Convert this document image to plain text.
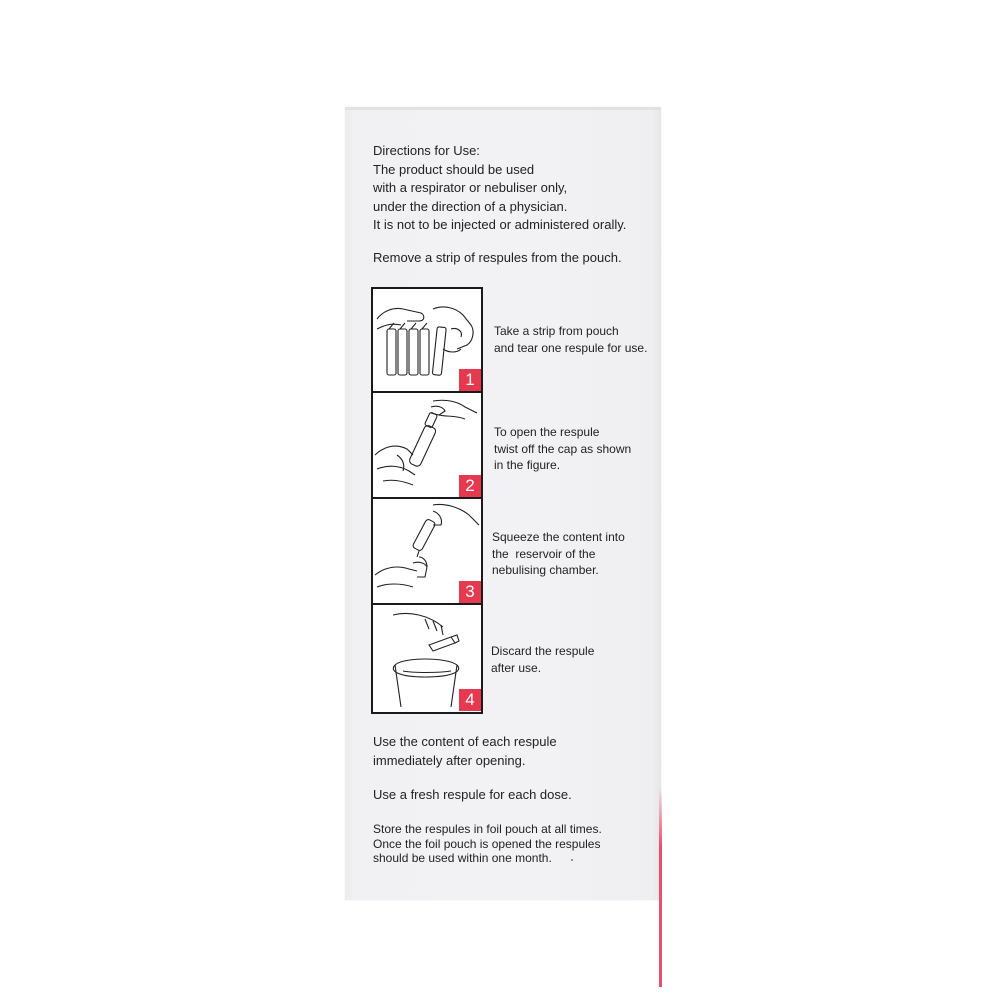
Directions for Use:
The product should be used
with a respirator or nebuliser only,
under the direction of a physician.
It is not to be injected or administered orally.
Remove a strip of respules from the pouch.
1
2
3
4
Take a strip from pouch
and tear one respule for use.
To open the respule
twist off the cap as shown
in the figure.
Squeeze the content into
the  reservoir of the
nebulising chamber.
Discard the respule
after use.
Use the content of each respule
immediately after opening.
Use a fresh respule for each dose.
Store the respules in foil pouch at all times.
Once the foil pouch is opened the respules
should be used within one month.
